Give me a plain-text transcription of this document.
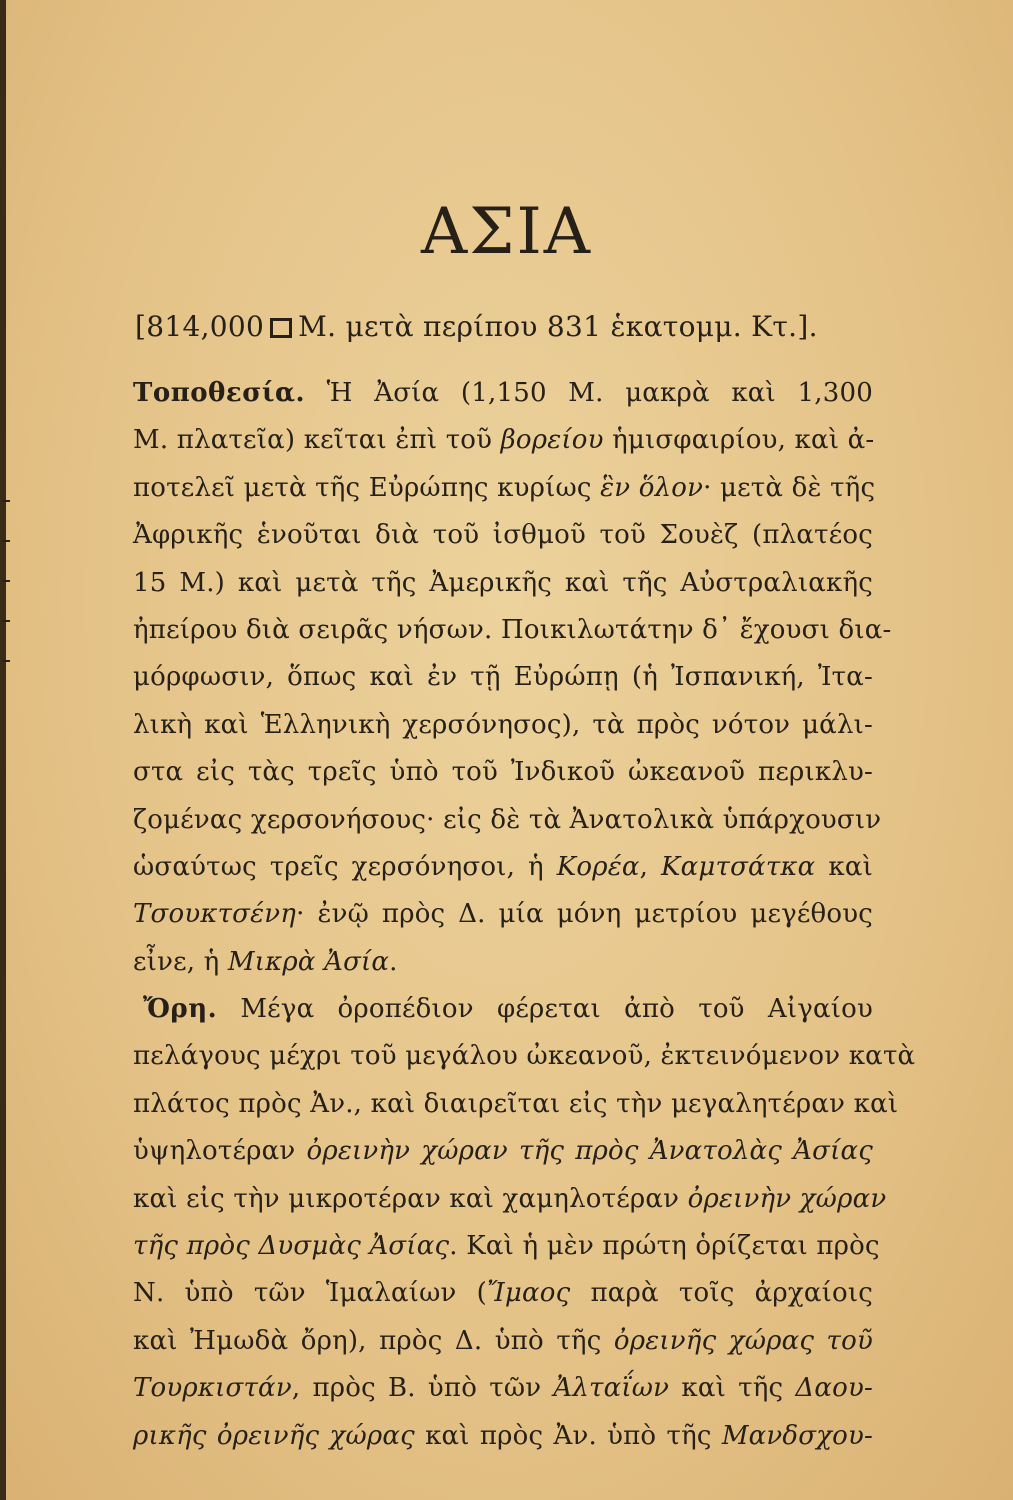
ΑΣΙΑ
[814,000 Μ. μετὰ περίπου 831 ἑκατομμ. Κτ.].
Τοποθεσία. Ἡ Ἀσία (1,150 Μ. μακρὰ καὶ 1,300
Μ. πλατεῖα) κεῖται ἐπὶ τοῦ βορείου ἡμισφαιρίου, καὶ ἀ-
ποτελεῖ μετὰ τῆς Εὐρώπης κυρίως ἓν ὅλον· μετὰ δὲ τῆς
Ἀφρικῆς ἑνοῦται διὰ τοῦ ἰσθμοῦ τοῦ Σουὲζ (πλατέος
15 Μ.) καὶ μετὰ τῆς Ἀμερικῆς καὶ τῆς Αὐστραλιακῆς
ἠπείρου διὰ σειρᾶς νήσων. Ποικιλωτάτην δ᾽ ἔχουσι δια-
μόρφωσιν, ὅπως καὶ ἐν τῇ Εὐρώπῃ (ἡ Ἰσπανική, Ἰτα-
λικὴ καὶ Ἑλληνικὴ χερσόνησος), τὰ πρὸς νότον μάλι-
στα εἰς τὰς τρεῖς ὑπὸ τοῦ Ἰνδικοῦ ὠκεανοῦ περικλυ-
ζομένας χερσονήσους· εἰς δὲ τὰ Ἀνατολικὰ ὑπάρχουσιν
ὡσαύτως τρεῖς χερσόνησοι, ἡ Κορέα, Καμτσάτκα καὶ
Τσουκτσένη· ἐνῷ πρὸς Δ. μία μόνη μετρίου μεγέθους
εἶνε, ἡ Μικρὰ Ἀσία.
Ὄρη. Μέγα ὀροπέδιον φέρεται ἀπὸ τοῦ Αἰγαίου
πελάγους μέχρι τοῦ μεγάλου ὠκεανοῦ, ἐκτεινόμενον κατὰ
πλάτος πρὸς Ἀν., καὶ διαιρεῖται εἰς τὴν μεγαλητέραν καὶ
ὑψηλοτέραν ὀρεινὴν χώραν τῆς πρὸς Ἀνατολὰς Ἀσίας
καὶ εἰς τὴν μικροτέραν καὶ χαμηλοτέραν ὀρεινὴν χώραν
τῆς πρὸς Δυσμὰς Ἀσίας. Καὶ ἡ μὲν πρώτη ὁρίζεται πρὸς
Ν. ὑπὸ τῶν Ἱμαλαίων (Ἴμαος παρὰ τοῖς ἀρχαίοις
καὶ Ἠμωδὰ ὄρη), πρὸς Δ. ὑπὸ τῆς ὀρεινῆς χώρας τοῦ
Τουρκιστάν, πρὸς Β. ὑπὸ τῶν Ἀλταΐων καὶ τῆς Δαου-
ρικῆς ὀρεινῆς χώρας καὶ πρὸς Ἀν. ὑπὸ τῆς Μανδσχου-
